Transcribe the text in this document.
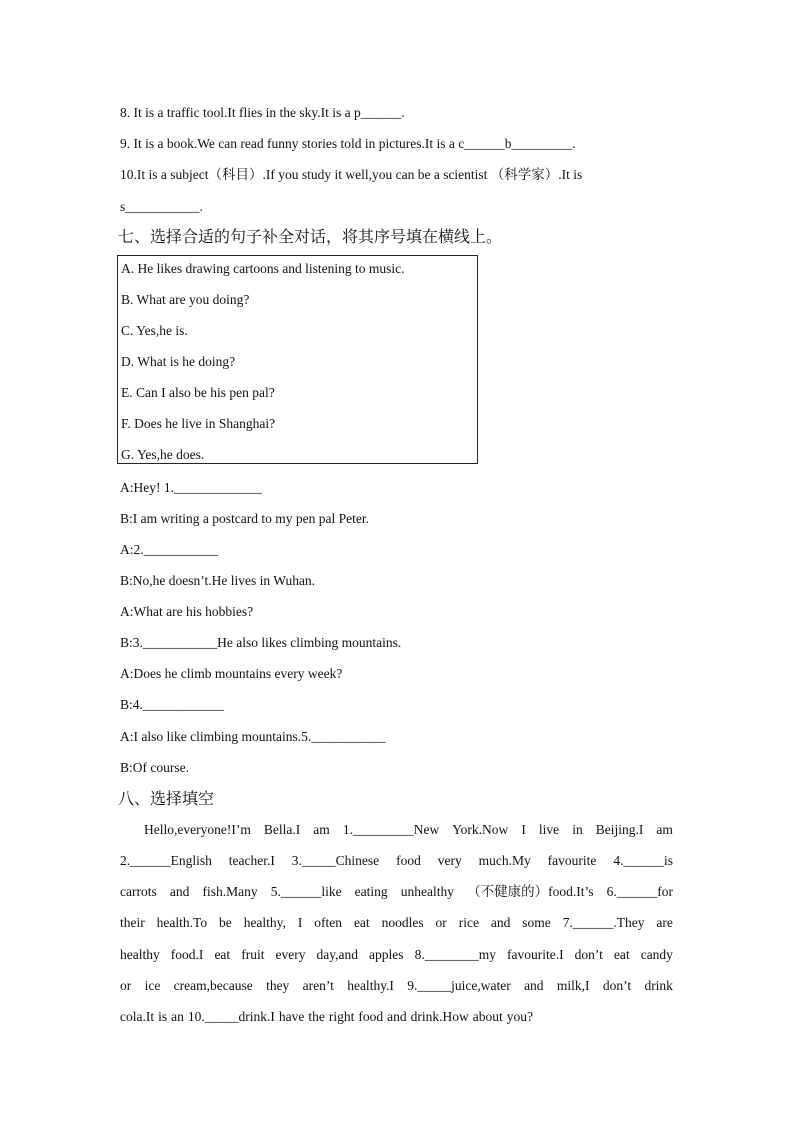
8. It is a traffic tool.It flies in the sky.It is a p______.
9. It is a book.We can read funny stories told in pictures.It is a c______b_________.
10.It is a subject（科目）.If you study it well,you can be a scientist （科学家）.It is
s___________.
七、选择合适的句子补全对话，将其序号填在横线上。
A. He likes drawing cartoons and listening to music.
B. What are you doing?
C. Yes,he is.
D. What is he doing?
E. Can I also be his pen pal?
F. Does he live in Shanghai?
G. Yes,he does.
A:Hey! 1._____________
B:I am writing a postcard to my pen pal Peter.
A:2.___________
B:No,he doesn’t.He lives in Wuhan.
A:What are his hobbies?
B:3.___________He also likes climbing mountains.
A:Does he climb mountains every week?
B:4.____________
A:I also like climbing mountains.5.___________
B:Of course.
八、选择填空
Hello,everyone!I’m Bella.I am 1._________New York.Now I live in Beijing.I am
2.______English teacher.I 3._____Chinese food very much.My favourite 4.______is
carrots and fish.Many 5.______like eating unhealthy （不健康的）food.It’s 6.______for
their health.To be healthy, I often eat noodles or rice and some 7.______.They are
healthy food.I eat fruit every day,and apples 8.________my favourite.I don’t eat candy
or ice cream,because they aren’t healthy.I 9._____juice,water and milk,I don’t drink
cola.It is an 10._____drink.I have the right food and drink.How about you?
